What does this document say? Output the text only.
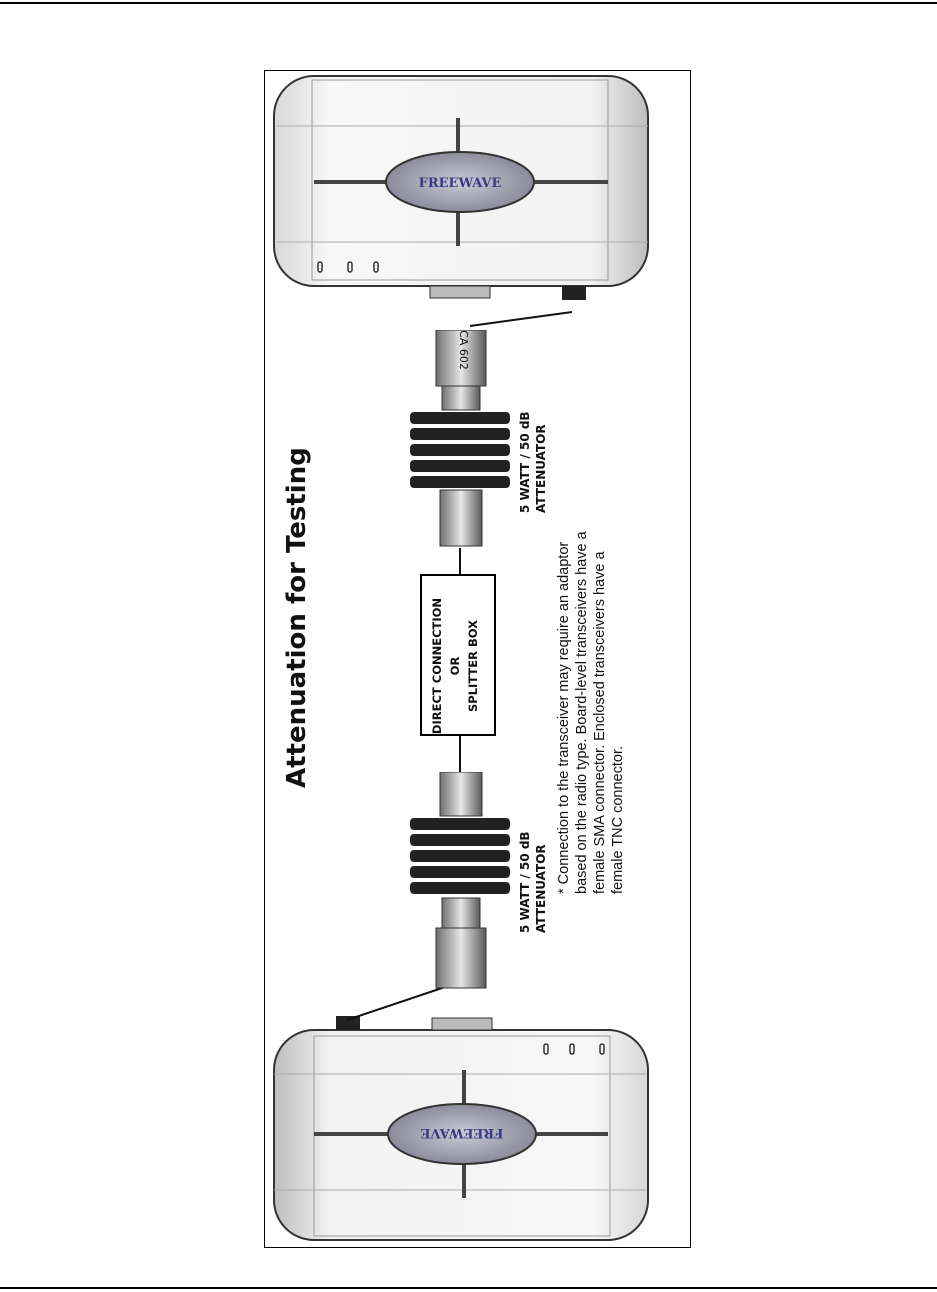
FREEWAVE
FREEWAVE
CA 602
Attenuation for Testing	5 WATT / 50 dB ATTENUATOR
5 WATT / 50 dB ATTENUATOR
DIRECT CONNECTION OR SPLITTER BOX	* Connection to the transceiver may require an adaptor based on the radio type. Board-level transceivers have a female SMA connector. Enclosed transceivers have a female TNC connector.
